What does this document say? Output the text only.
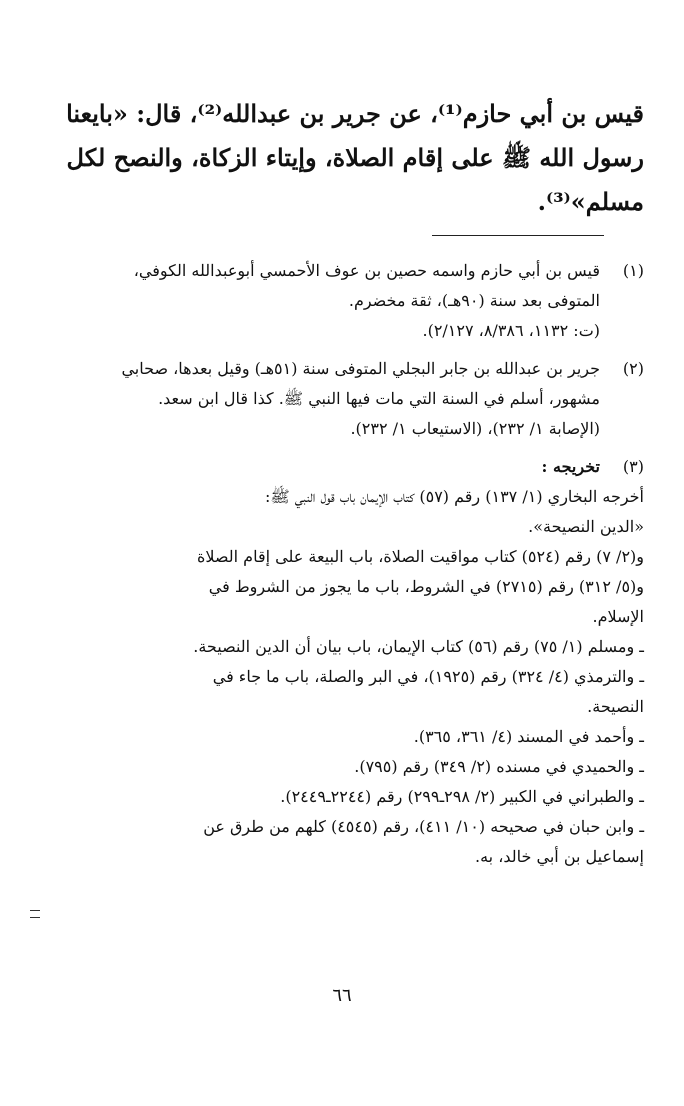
قيس بن أبي حازم⁽¹⁾، عن جرير بن عبدالله⁽²⁾، قال: «بايعنا
رسول الله ﷺ على إقام الصلاة، وإيتاء الزكاة، والنصح لكل
مسلم»⁽³⁾.
(١)
قيس بن أبي حازم واسمه حصين بن عوف الأحمسي أبوعبدالله الكوفي،
المتوفى بعد سنة (٩٠هـ)، ثقة مخضرم.
(ت: ١١٣٢، ٨/٣٨٦، ٢/١٢٧).
(٢)
جرير بن عبدالله بن جابر البجلي المتوفى سنة (٥١هـ) وقيل بعدها، صحابي
مشهور، أسلم في السنة التي مات فيها النبي ﷺ. كذا قال ابن سعد.
(الإصابة ١/ ٢٣٢)، (الاستيعاب ١/ ٢٣٢).
(٣)
تخريجه :
أخرجه البخاري (١/ ١٣٧) رقم (٥٧) كتاب الإيمان باب قول النبي ﷺ:
«الدين النصيحة».
و(٢/ ٧) رقم (٥٢٤) كتاب مواقيت الصلاة، باب البيعة على إقام الصلاة
و(٥/ ٣١٢) رقم (٢٧١٥) في الشروط، باب ما يجوز من الشروط في
الإسلام.
ـ ومسلم (١/ ٧٥) رقم (٥٦) كتاب الإيمان، باب بيان أن الدين النصيحة.
ـ والترمذي (٤/ ٣٢٤) رقم (١٩٢٥)، في البر والصلة، باب ما جاء في
النصيحة.
ـ وأحمد في المسند (٤/ ٣٦١، ٣٦٥).
ـ والحميدي في مسنده (٢/ ٣٤٩) رقم (٧٩٥).
ـ والطبراني في الكبير (٢/ ٢٩٨ـ٢٩٩) رقم (٢٢٤٤ـ٢٤٤٩).
ـ وابن حبان في صحيحه (١٠/ ٤١١)، رقم (٤٥٤٥) كلهم من طرق عن
إسماعيل بن أبي خالد، به.
٦٦
